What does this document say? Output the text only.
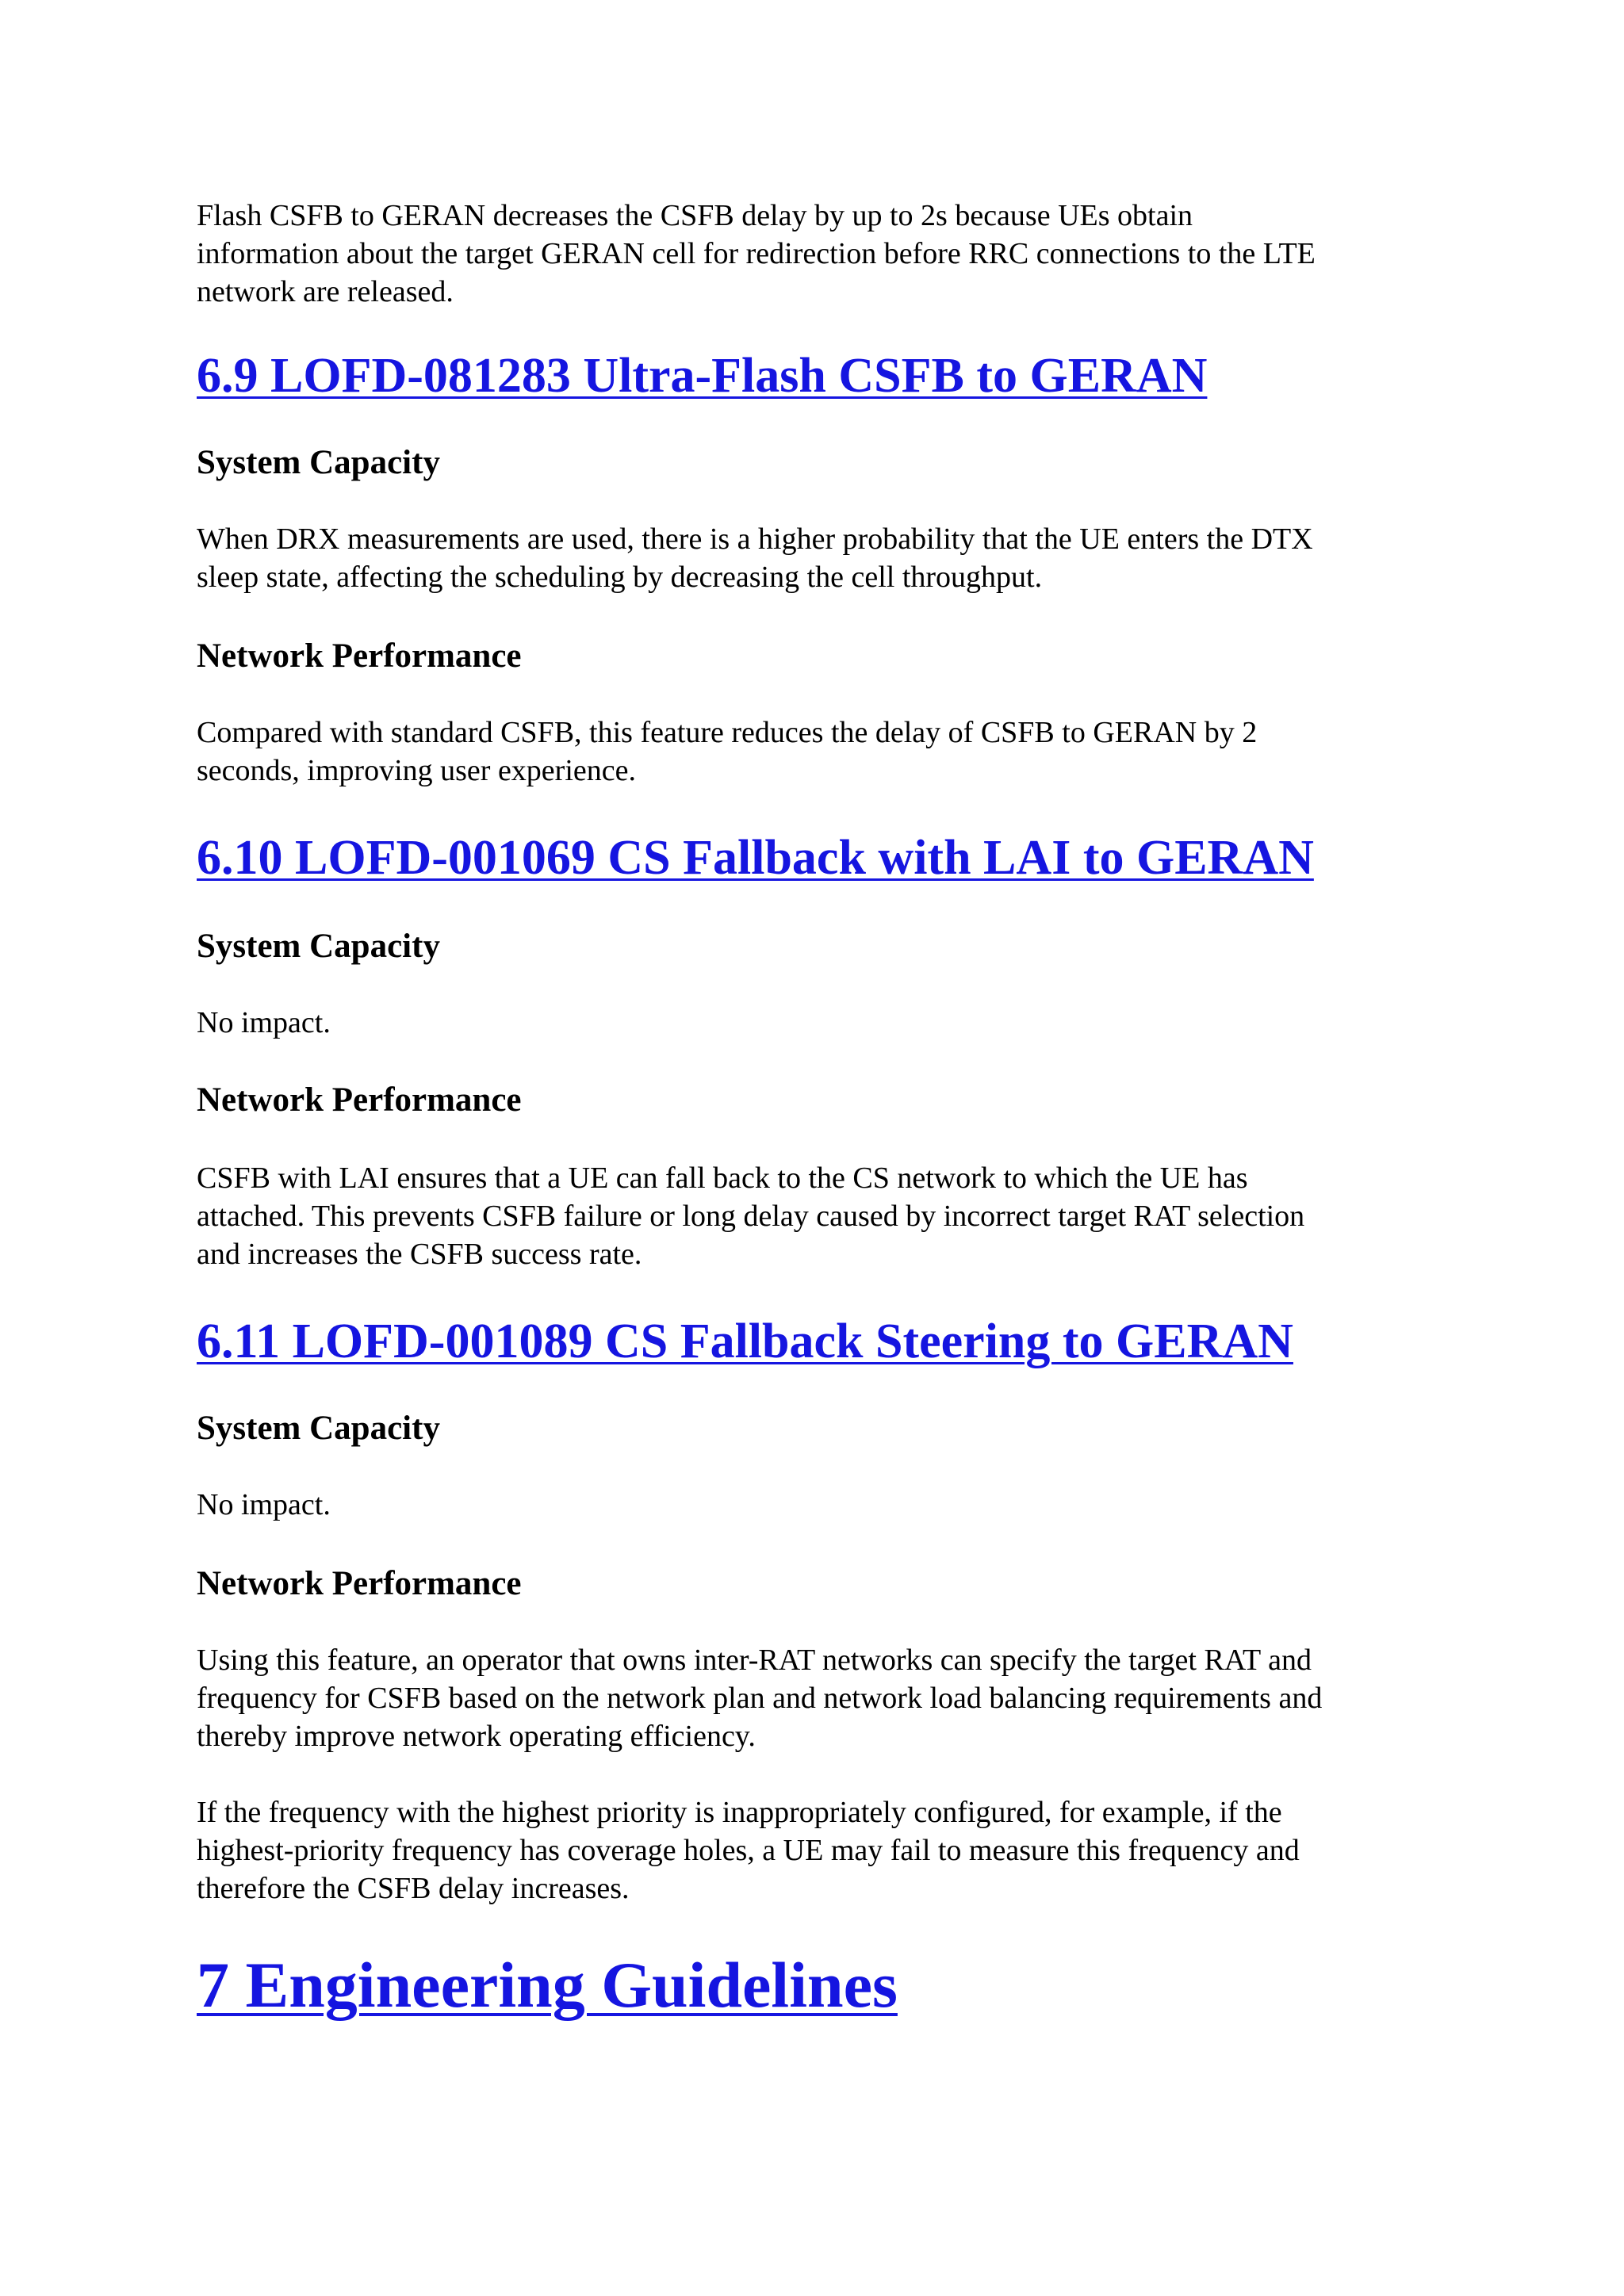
Flash CSFB to GERAN decreases the CSFB delay by up to 2s because UEs obtain
information about the target GERAN cell for redirection before RRC connections to the LTE
network are released.

6.9 LOFD-081283 Ultra-Flash CSFB to GERAN
System Capacity

When DRX measurements are used, there is a higher probability that the UE enters the DTX
sleep state, affecting the scheduling by decreasing the cell throughput.

Network Performance

Compared with standard CSFB, this feature reduces the delay of CSFB to GERAN by 2
seconds, improving user experience.

6.10 LOFD-001069 CS Fallback with LAI to GERAN
System Capacity

No impact.

Network Performance

CSFB with LAI ensures that a UE can fall back to the CS network to which the UE has
attached. This prevents CSFB failure or long delay caused by incorrect target RAT selection
and increases the CSFB success rate.

6.11 LOFD-001089 CS Fallback Steering to GERAN
System Capacity

No impact.

Network Performance

Using this feature, an operator that owns inter-RAT networks can specify the target RAT and
frequency for CSFB based on the network plan and network load balancing requirements and
thereby improve network operating efficiency.

If the frequency with the highest priority is inappropriately configured, for example, if the
highest-priority frequency has coverage holes, a UE may fail to measure this frequency and
therefore the CSFB delay increases.

7 Engineering Guidelines
